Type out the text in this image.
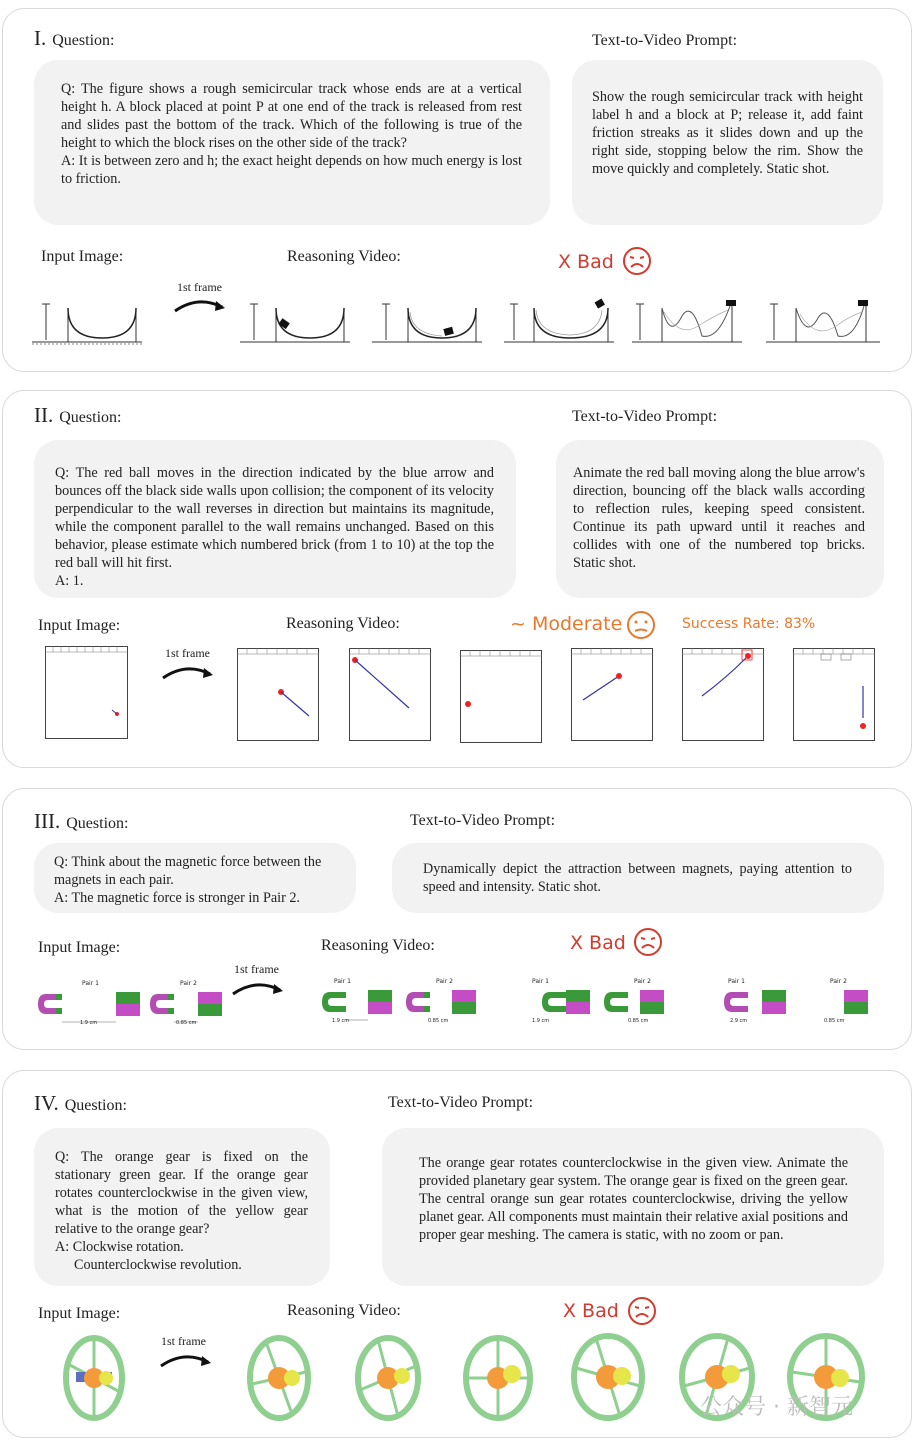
I. Question:	Text-to-Video Prompt:

Q: The figure shows a rough semicircular track whose ends are at a vertical height h. A block placed at point P at one end of the track is released from rest and slides past the bottom of the track. Which of the following is true of the height to which the block rises on the other side of the track?

A: It is between zero and h; the exact height depends on how much energy is lost to friction.

Show the rough semicircular track with height label h and a block at P; release it, add faint friction streaks as it slides down and up the right side, stopping below the rim. Show the move quickly and completely. Static shot.

Input Image:	Reasoning Video:	X Bad
1st frame
II. Question:	Text-to-Video Prompt:

Q: The red ball moves in the direction indicated by the blue arrow and bounces off the black side walls upon collision; the component of its velocity perpendicular to the wall reverses in direction but maintains its magnitude, while the component parallel to the wall remains unchanged. Based on this behavior, please estimate which numbered brick (from 1 to 10) at the top the red ball will hit first.

A: 1.

Animate the red ball moving along the blue arrow's direction, bouncing off the black walls according to reflection rules, keeping speed consistent. Continue its path upward until it reaches and collides with one of the numbered top bricks. Static shot.

Input Image:	Reasoning Video:	~ Moderate	Success Rate: 83%
1st frame
III. Question:	Text-to-Video Prompt:

Q: Think about the magnetic force between the magnets in each pair.

A: The magnetic force is stronger in Pair 2.

Dynamically depict the attraction between magnets, paying attention to speed and intensity. Static shot.

Input Image:	Reasoning Video:	X Bad
1st frame
Pair 1	Pair 2
1.9 cm	0.85 cm
Pair 1	Pair 2
1.9 cm	0.85 cm
Pair 1	Pair 2
1.9 cm	0.85 cm
Pair 1	Pair 2
2.9 cm	0.85 cm
IV. Question:	Text-to-Video Prompt:

Q: The orange gear is fixed on the stationary green gear. If the orange gear rotates counterclockwise in the given view, what is the motion of the yellow gear relative to the orange gear?

A: Clockwise rotation.

Counterclockwise revolution.

The orange gear rotates counterclockwise in the given view. Animate the provided planetary gear system. The orange gear is fixed on the green gear. The central orange sun gear rotates counterclockwise, driving the yellow planet gear. All components must maintain their relative axial positions and proper gear meshing. The camera is static, with no zoom or pan.

Input Image:	Reasoning Video:	X Bad
1st frame
公众号 · 新智元
